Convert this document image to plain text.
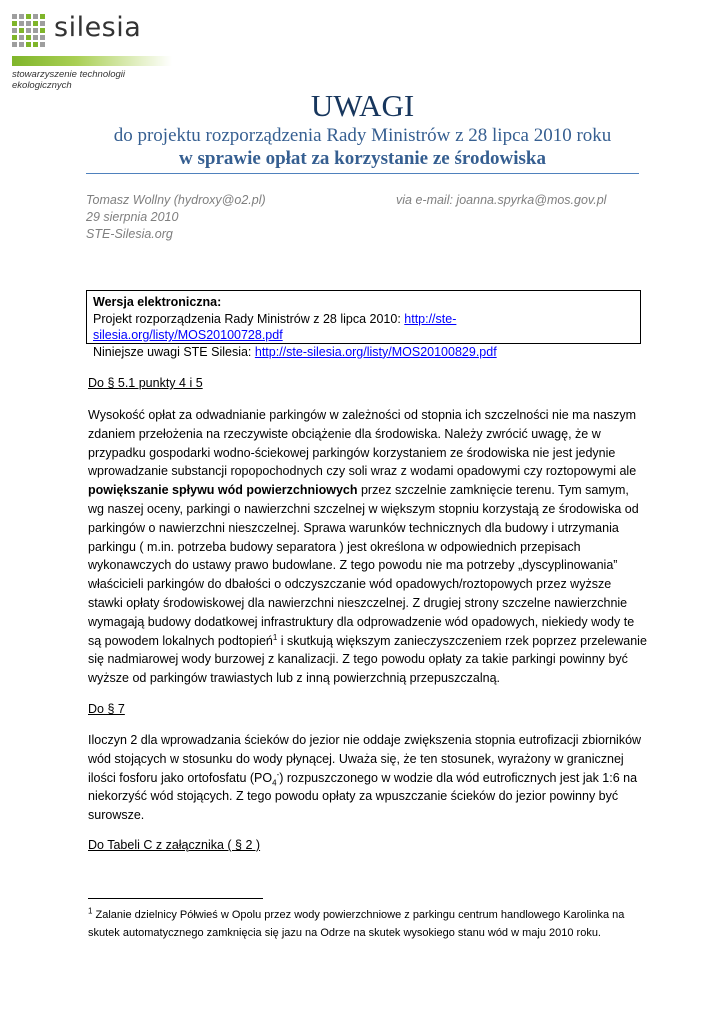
silesia
stowarzyszenie technologii ekologicznych
UWAGI
do projektu rozporządzenia Rady Ministrów z 28 lipca 2010 roku
w sprawie opłat za korzystanie ze środowiska
Tomasz Wollny (hydroxy@o2.pl)	via e-mail: joanna.spyrka@mos.gov.pl
29 sierpnia 2010
STE-Silesia.org
Wersja elektroniczna:
Projekt rozporządzenia Rady Ministrów z 28 lipca 2010: http://ste-silesia.org/listy/MOS20100728.pdf
Niniejsze uwagi STE Silesia: http://ste-silesia.org/listy/MOS20100829.pdf
Do § 5.1 punkty 4 i 5
Wysokość opłat za odwadnianie parkingów w zależności od stopnia ich szczelności nie ma naszym zdaniem przełożenia na rzeczywiste obciążenie dla środowiska. Należy zwrócić uwagę, że w przypadku gospodarki wodno-ściekowej parkingów korzystaniem ze środowiska nie jest jedynie wprowadzanie substancji ropopochodnych czy soli wraz z wodami opadowymi czy roztopowymi ale powiększanie spływu wód powierzchniowych przez szczelnie zamknięcie terenu. Tym samym, wg naszej oceny, parkingi o nawierzchni szczelnej w większym stopniu korzystają ze środowiska od parkingów o nawierzchni nieszczelnej. Sprawa warunków technicznych dla budowy i utrzymania parkingu ( m.in. potrzeba budowy separatora ) jest określona w odpowiednich przepisach wykonawczych do ustawy prawo budowlane. Z tego powodu nie ma potrzeby „dyscyplinowania” właścicieli parkingów do dbałości o odczyszczanie wód opadowych/roztopowych przez wyższe stawki opłaty środowiskowej dla nawierzchni nieszczelnej. Z drugiej strony szczelne nawierzchnie wymagają budowy dodatkowej infrastruktury dla odprowadzenie wód opadowych, niekiedy wody te są powodem lokalnych podtopień$^1$ i skutkują większym zanieczyszczeniem rzek poprzez przelewanie się nadmiarowej wody burzowej z kanalizacji. Z tego powodu opłaty za takie parkingi powinny być wyższe od parkingów trawiastych lub z inną powierzchnią przepuszczalną.
Do § 7
Iloczyn 2 dla wprowadzania ścieków do jezior nie oddaje zwiększenia stopnia eutrofizacji zbiorników wód stojących w stosunku do wody płynącej. Uważa się, że ten stosunek, wyrażony w granicznej ilości fosforu jako ortofosfatu $(PO_4^-)$ rozpuszczonego w wodzie dla wód eutroficznych jest jak 1:6 na niekorzyść wód stojących. Z tego powodu opłaty za wpuszczanie ścieków do jezior powinny być surowsze.
Do Tabeli C z załącznika ( § 2 )
$^1$ Zalanie dzielnicy Półwieś w Opolu przez wody powierzchniowe z parkingu centrum handlowego Karolinka na skutek automatycznego zamknięcia się jazu na Odrze na skutek wysokiego stanu wód w maju 2010 roku.
